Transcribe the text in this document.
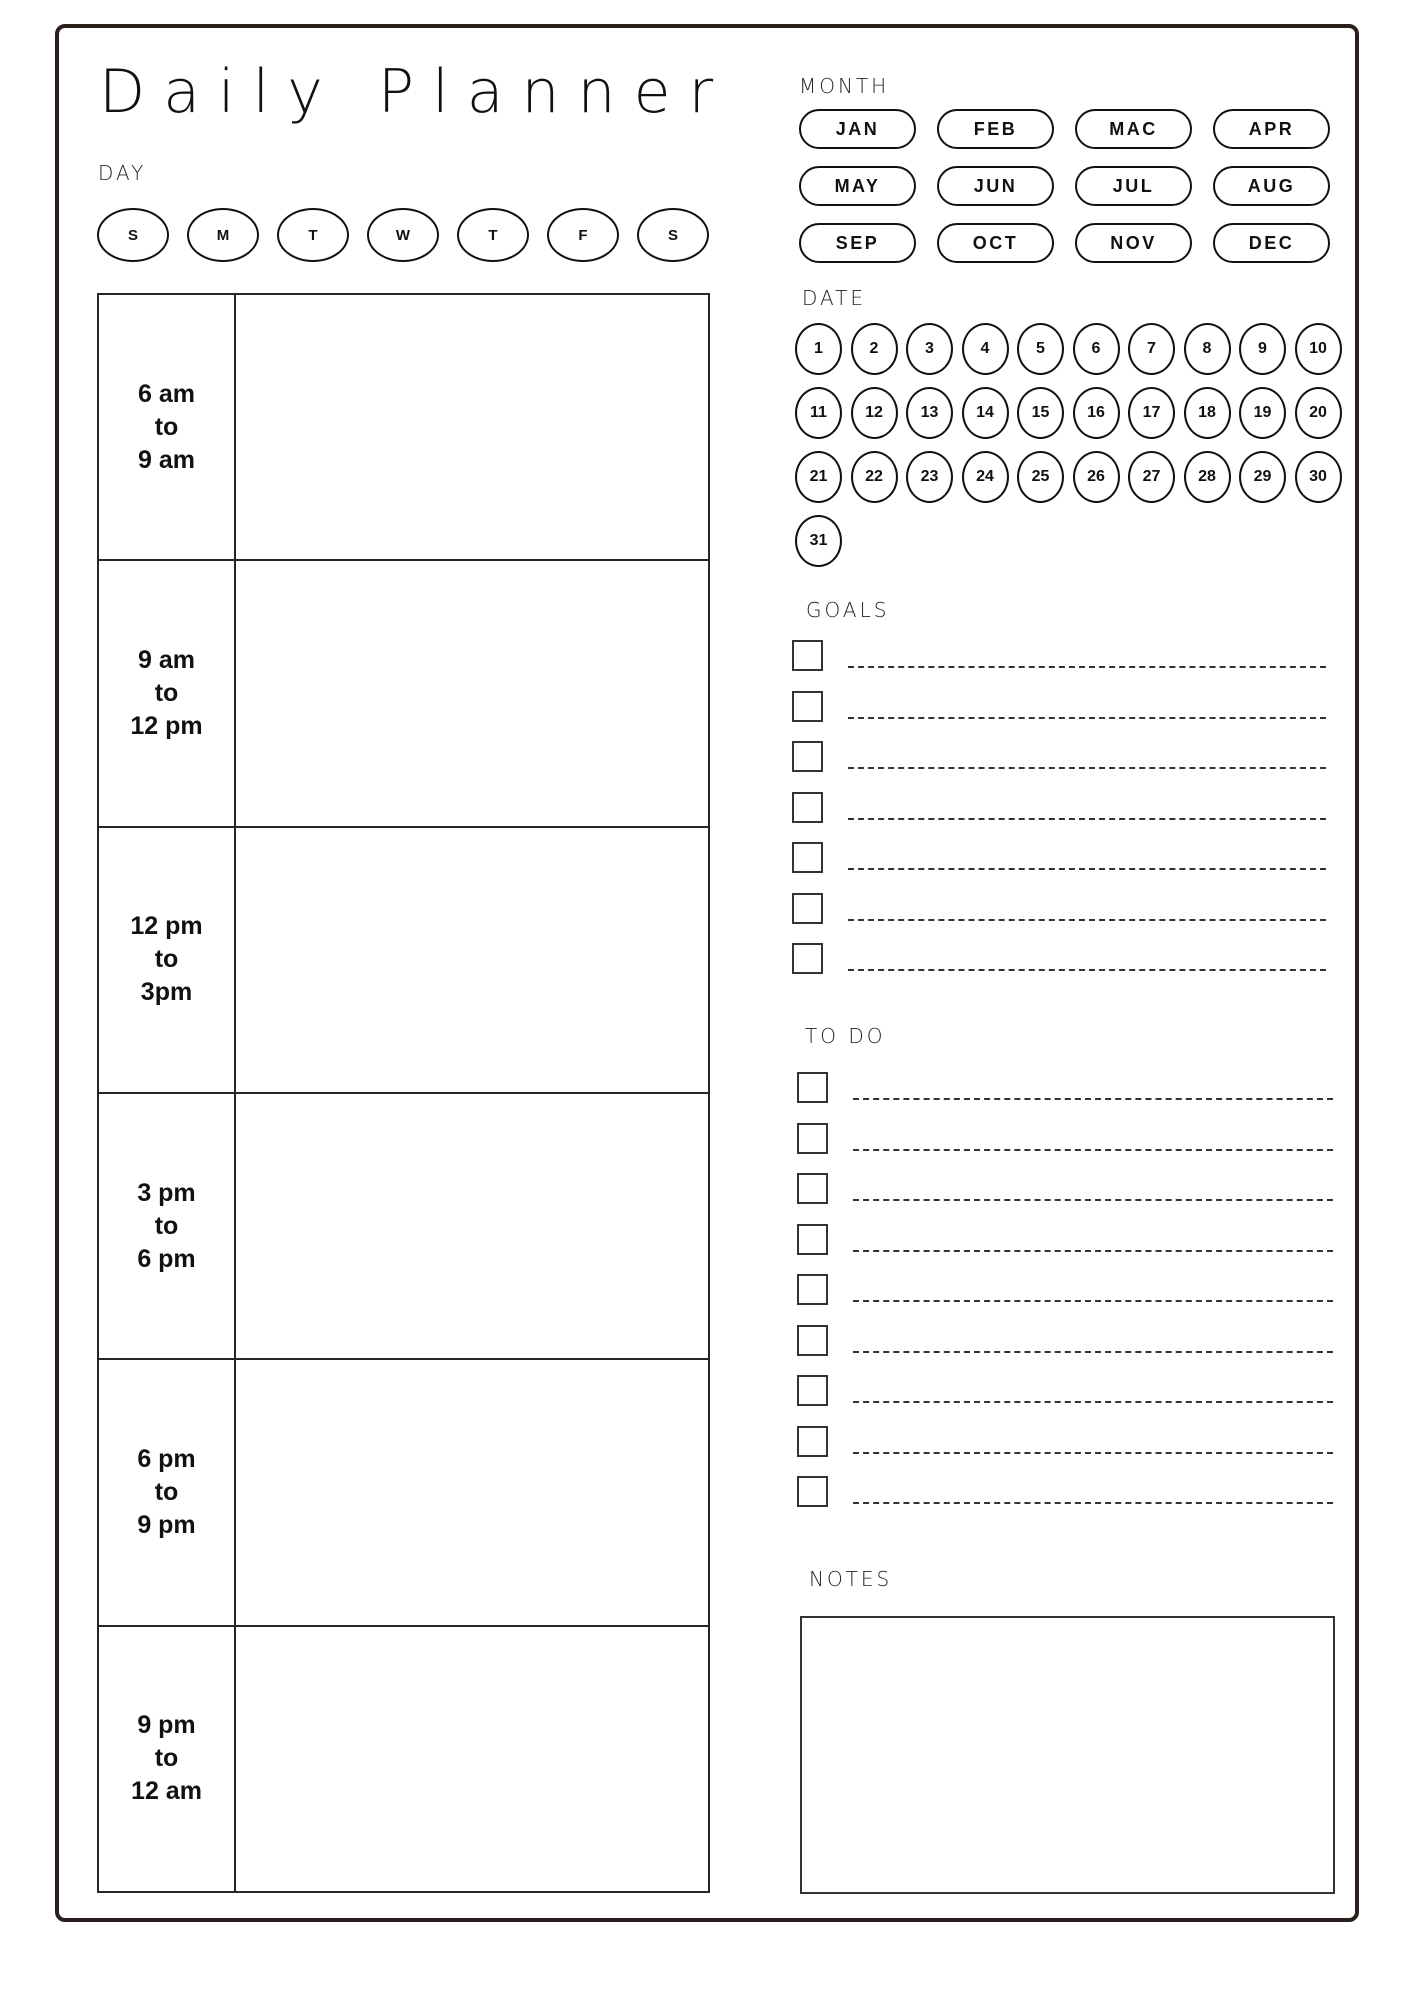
Daily Planner
DAY
S	M	T	W	T	F	S
6 am
to
9 am
9 am
to
12 pm
12 pm
to
3pm
3 pm
to
6 pm
6 pm
to
9 pm
9 pm
to
12 am
MONTH
JAN	FEB	MAC	APR
MAY	JUN	JUL	AUG
SEP	OCT	NOV	DEC
DATE
1	2	3	4	5	6	7	8	9	10
11	12	13	14	15	16	17	18	19	20
21	22	23	24	25	26	27	28	29	30
31
GOALS
TO DO
NOTES
